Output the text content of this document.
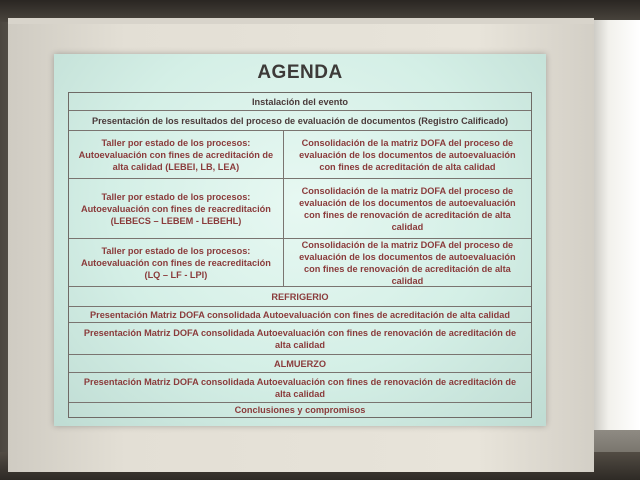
AGENDA
Instalación del evento
Presentación de los resultados del proceso de evaluación de documentos (Registro Calificado)
Taller por estado de los procesos: Autoevaluación con fines de acreditación de alta calidad (LEBEI, LB, LEA)
Consolidación de la matriz DOFA del proceso de evaluación de los documentos de autoevaluación con fines de acreditación de alta calidad
Taller por estado de los procesos: Autoevaluación con fines de reacreditación (LEBECS – LEBEM - LEBEHL)
Consolidación de la matriz DOFA del proceso de evaluación de los documentos de autoevaluación con fines de renovación de acreditación de alta calidad
Taller por estado de los procesos: Autoevaluación con fines de reacreditación (LQ – LF - LPI)
Consolidación de la matriz DOFA del proceso de evaluación de los documentos de autoevaluación con fines de renovación de acreditación de alta calidad
REFRIGERIO
Presentación Matriz DOFA consolidada Autoevaluación con fines de acreditación de alta calidad
Presentación Matriz DOFA consolidada Autoevaluación con fines de renovación de acreditación de alta calidad
ALMUERZO
Presentación Matriz DOFA consolidada Autoevaluación con fines de renovación de acreditación de alta calidad
Conclusiones y compromisos
